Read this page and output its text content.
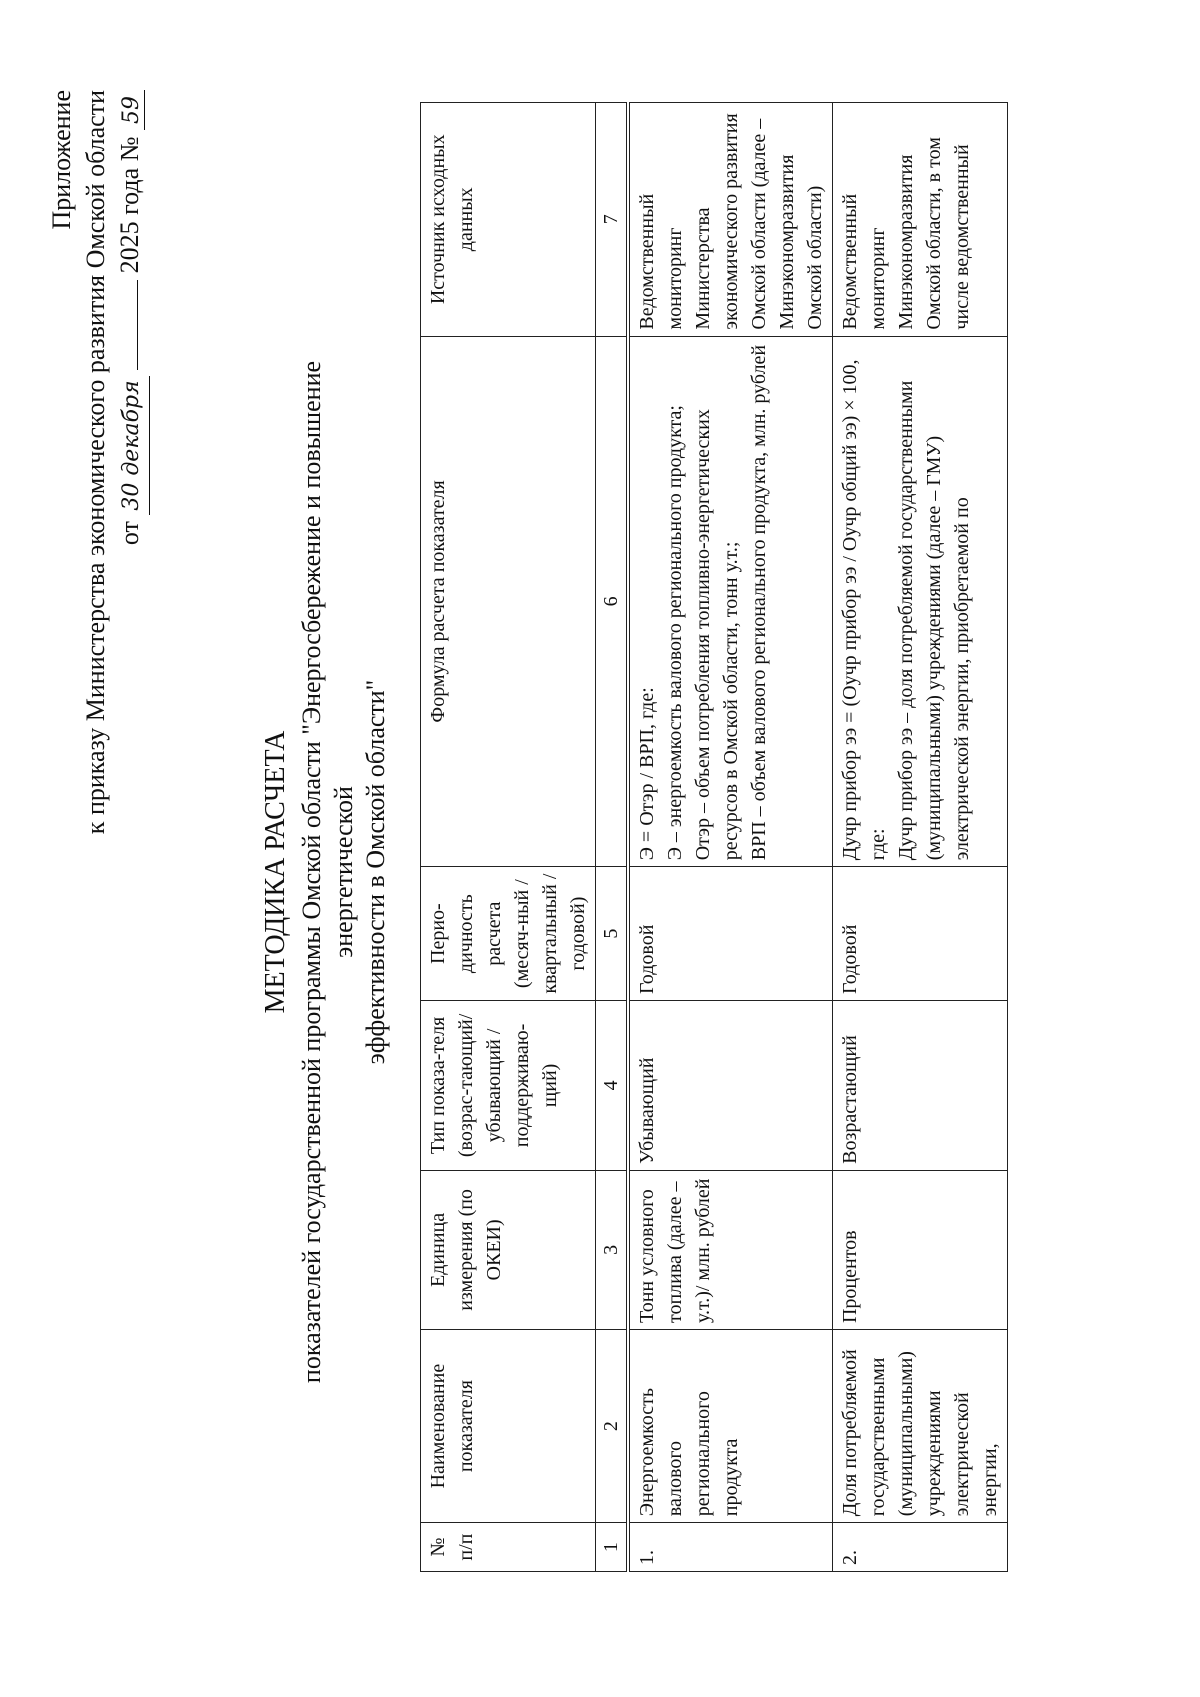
Приложение к приказу Министерства экономического развития Омской области от 30 декабря  2025 года № 59
МЕТОДИКА РАСЧЕТА показателей государственной программы Омской области "Энергосбережение и повышение энергетической эффективности в Омской области"
№ п/п	Наименование показателя	Единица измерения (по ОКЕИ)	Тип показа-теля (возрас-тающий/ убывающий / поддерживаю-щий)	Перио-дичность расчета (месяч-ный / квартальный / годовой)	Формула расчета показателя	Источник исходных данных
1	2	3	4	5	6	7
1.	Энергоемкость валового регионального продукта	Тонн условного топлива (далее – у.т.)/ млн. рублей	Убывающий	Годовой	Э = Oтэр / ВРП, где: Э – энергоемкость валового регионального продукта; Oтэр – объем потребления топливно-энергетических ресурсов в Омской области, тонн у.т.; ВРП – объем валового регионального продукта, млн. рублей	Ведомственный мониторинг Министерства экономического развития Омской области (далее – Минэкономразвития Омской области)
2.	Доля потребляемой государственными (муниципальными) учреждениями электрической энергии,	Процентов	Возрастающий	Годовой	Дучр прибор ээ = (Oучр прибор ээ / Oучр общий ээ) × 100, где: Дучр прибор ээ – доля потребляемой государственными (муниципальными) учреждениями (далее – ГМУ) электрической энергии, приобретаемой по	Ведомственный мониторинг Минэкономразвития Омской области, в том числе ведомственный
